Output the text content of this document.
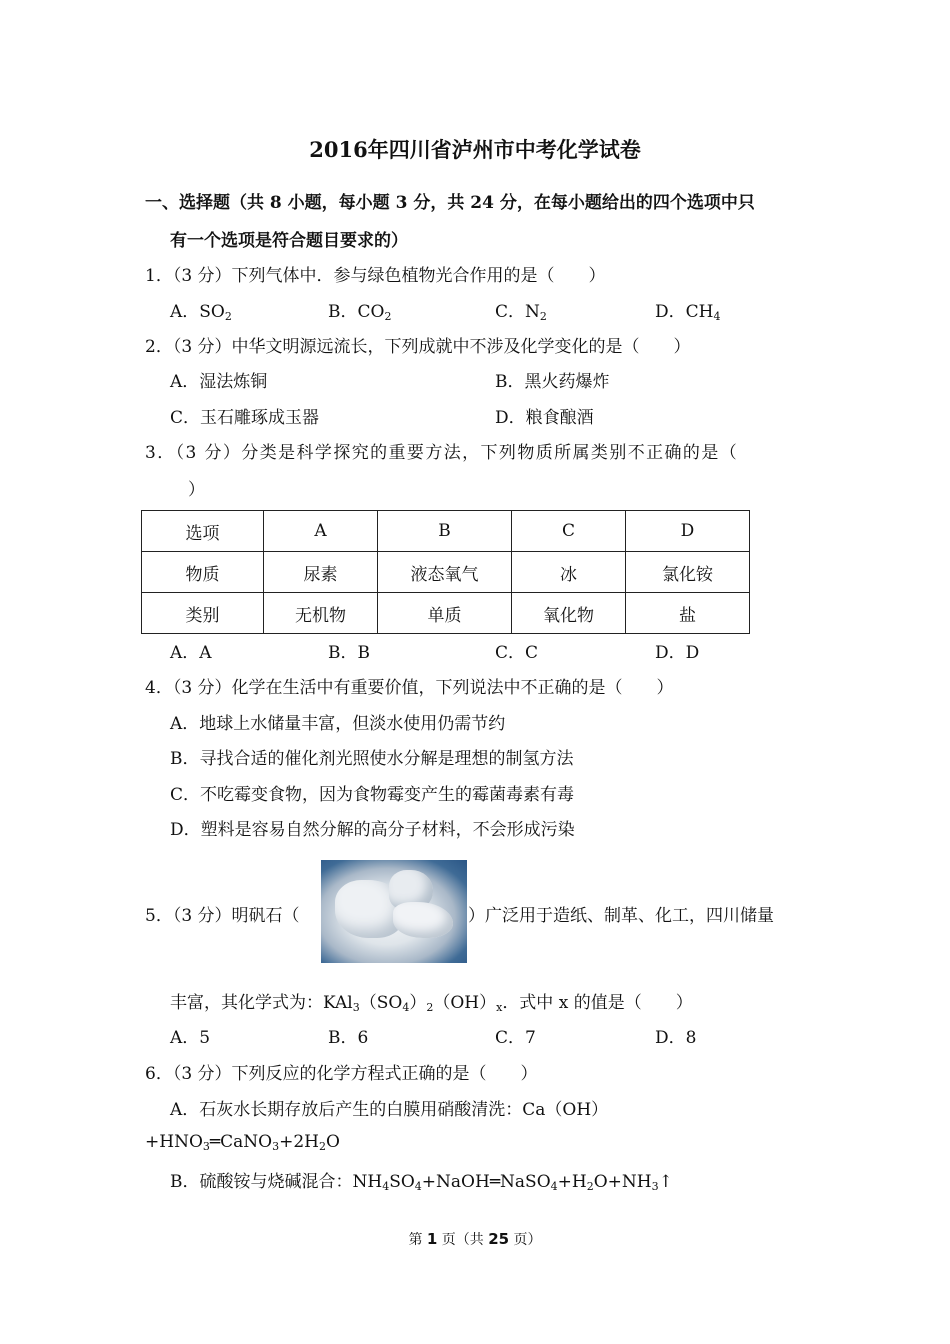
2016年四川省泸州市中考化学试卷
一、选择题（共 8 小题，每小题 3 分，共 24 分，在每小题给出的四个选项中只
有一个选项是符合题目要求的）
1．（3 分）下列气体中．参与绿色植物光合作用的是（　　）
A．$SO_2$	B．$CO_2$	C．$N_2$	D．$CH_4$
2．（3 分）中华文明源远流长，下列成就中不涉及化学变化的是（　　）
A．湿法炼铜	B．黑火药爆炸
C．玉石雕琢成玉器	D．粮食酿酒
3．（3 分）分类是科学探究的重要方法，下列物质所属类别不正确的是（
）
选项	A	B	C	D
物质	尿素	液态氧气	冰	氯化铵
类别	无机物	单质	氧化物	盐
A．A	B．B	C．C	D．D
4．（3 分）化学在生活中有重要价值，下列说法中不正确的是（　　）
A．地球上水储量丰富，但淡水使用仍需节约
B．寻找合适的催化剂光照使水分解是理想的制氢方法
C．不吃霉变食物，因为食物霉变产生的霉菌毒素有毒
D．塑料是容易自然分解的高分子材料，不会形成污染
5．（3 分）明矾石（	）广泛用于造纸、制革、化工，四川储量
丰富，其化学式为：$KAl_3(SO_4)_2(OH)_x$．式中 x 的值是（　　）
A．5	B．6	C．7	D．8
6．（3 分）下列反应的化学方程式正确的是（　　）
A．石灰水长期存放后产生的白膜用硝酸清洗：Ca（OH）
$+HNO_3═CaNO_3+2H_2O$
B．硫酸铵与烧碱混合：$NH_4SO_4+NaOH═NaSO_4+H_2O+NH_3↑$
第 1 页（共 25 页）
